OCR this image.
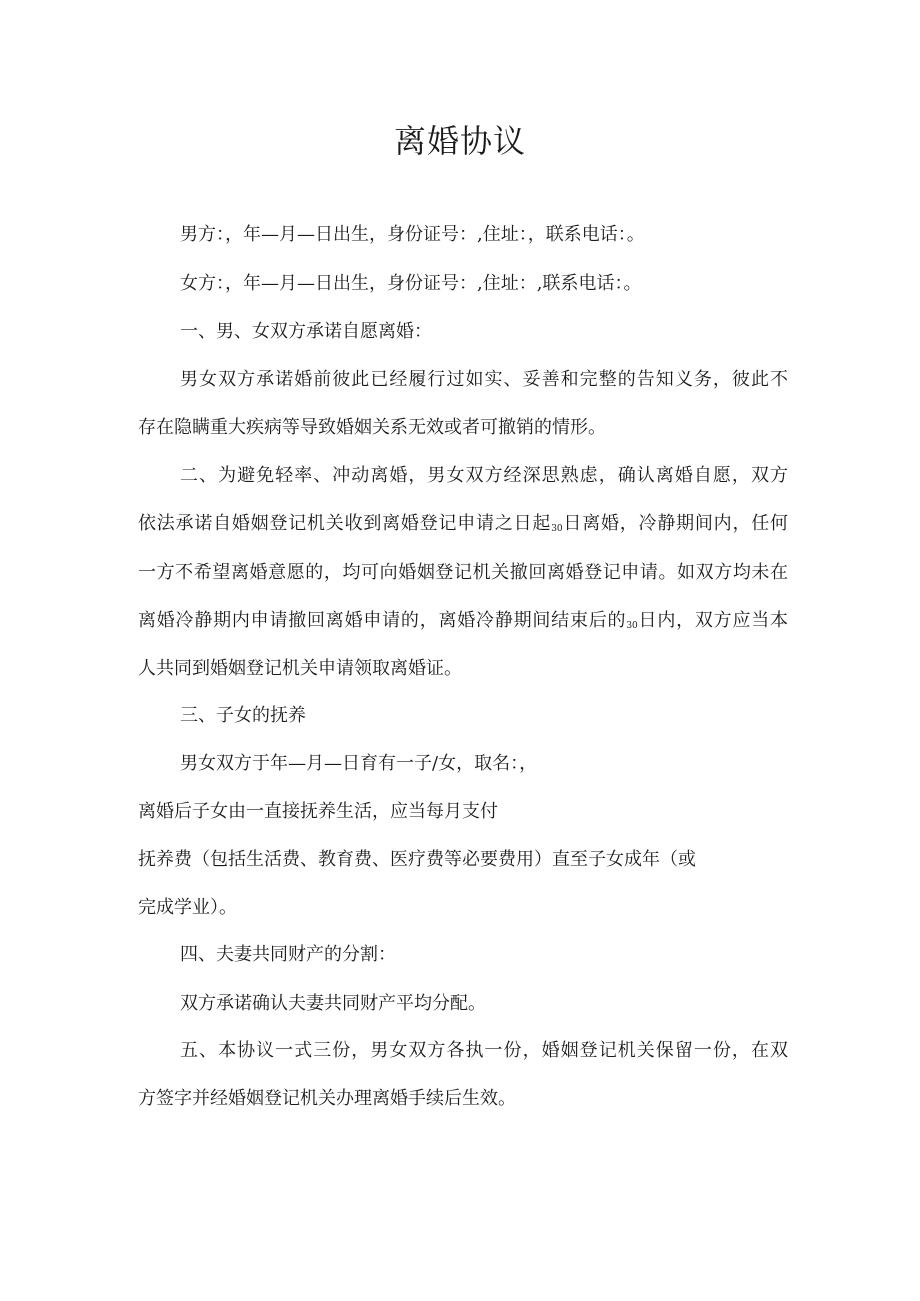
离婚协议
男方：，年—月—日出生，身份证号：,住址：，联系电话：。
女方：，年—月—日出生，身份证号：,住址：,联系电话：。
一、男、女双方承诺自愿离婚：
男女双方承诺婚前彼此已经履行过如实、妥善和完整的告知义务，彼此不
存在隐瞒重大疾病等导致婚姻关系无效或者可撤销的情形。
二、为避免轻率、冲动离婚，男女双方经深思熟虑，确认离婚自愿，双方
依法承诺自婚姻登记机关收到离婚登记申请之日起30日离婚，冷静期间内，任何
一方不希望离婚意愿的，均可向婚姻登记机关撤回离婚登记申请。如双方均未在
离婚冷静期内申请撤回离婚申请的，离婚冷静期间结束后的30日内，双方应当本
人共同到婚姻登记机关申请领取离婚证。
三、子女的抚养
男女双方于年—月—日育有一子/女，取名：，
离婚后子女由一直接抚养生活，应当每月支付
抚养费（包括生活费、教育费、医疗费等必要费用）直至子女成年（或
完成学业）。
四、夫妻共同财产的分割：
双方承诺确认夫妻共同财产平均分配。
五、本协议一式三份，男女双方各执一份，婚姻登记机关保留一份，在双
方签字并经婚姻登记机关办理离婚手续后生效。
